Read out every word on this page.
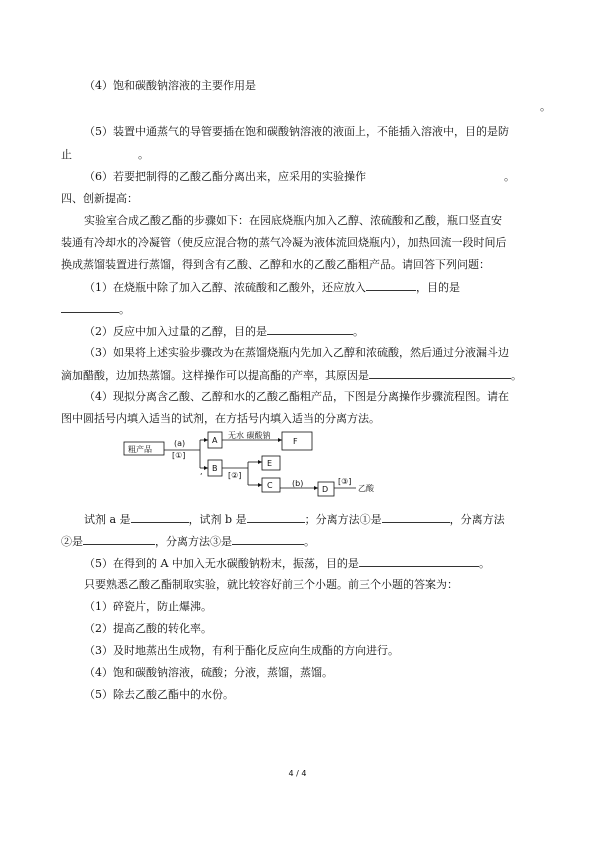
（4）饱和碳酸钠溶液的主要作用是
。
（5）装置中通蒸气的导管要插在饱和碳酸钠溶液的液面上，不能插入溶液中，目的是防
止	。
（6）若要把制得的乙酸乙酯分离出来，应采用的实验操作	。
四、创新提高：
实验室合成乙酸乙酯的步骤如下：在园底烧瓶内加入乙醇、浓硫酸和乙酸，瓶口竖直安
装通有冷却水的冷凝管（使反应混合物的蒸气冷凝为液体流回烧瓶内），加热回流一段时间后
换成蒸馏装置进行蒸馏，得到含有乙酸、乙醇和水的乙酸乙酯粗产品。请回答下列问题：
（1）在烧瓶中除了加入乙醇、浓硫酸和乙酸外，还应放入	，目的是
。
（2）反应中加入过量的乙醇，目的是	。
（3）如果将上述实验步骤改为在蒸馏烧瓶内先加入乙醇和浓硫酸，然后通过分液漏斗边
滴加醋酸，边加热蒸馏。这样操作可以提高酯的产率，其原因是	。
（4）现拟分离含乙酸、乙醇和水的乙酸乙酯粗产品，下图是分离操作步骤流程图。请在
图中圆括号内填入适当的试剂，在方括号内填入适当的分离方法。
粗产品
(a)
[①]
A
无水 碳酸钠
F
, B
[②]
E
C (b)
D
[③]
乙酸
试剂 a 是	，试剂 b 是	；分离方法①是	，分离方法
②是	，分离方法③是	。
（5）在得到的 A 中加入无水碳酸钠粉末，振荡，目的是	。
只要熟悉乙酸乙酯制取实验，就比较容好前三个小题。前三个小题的答案为：
（1）碎瓷片，防止爆沸。
（2）提高乙酸的转化率。
（3）及时地蒸出生成物，有利于酯化反应向生成酯的方向进行。
（4）饱和碳酸钠溶液，硫酸；分液，蒸馏，蒸馏。
（5）除去乙酸乙酯中的水份。
4 / 4
